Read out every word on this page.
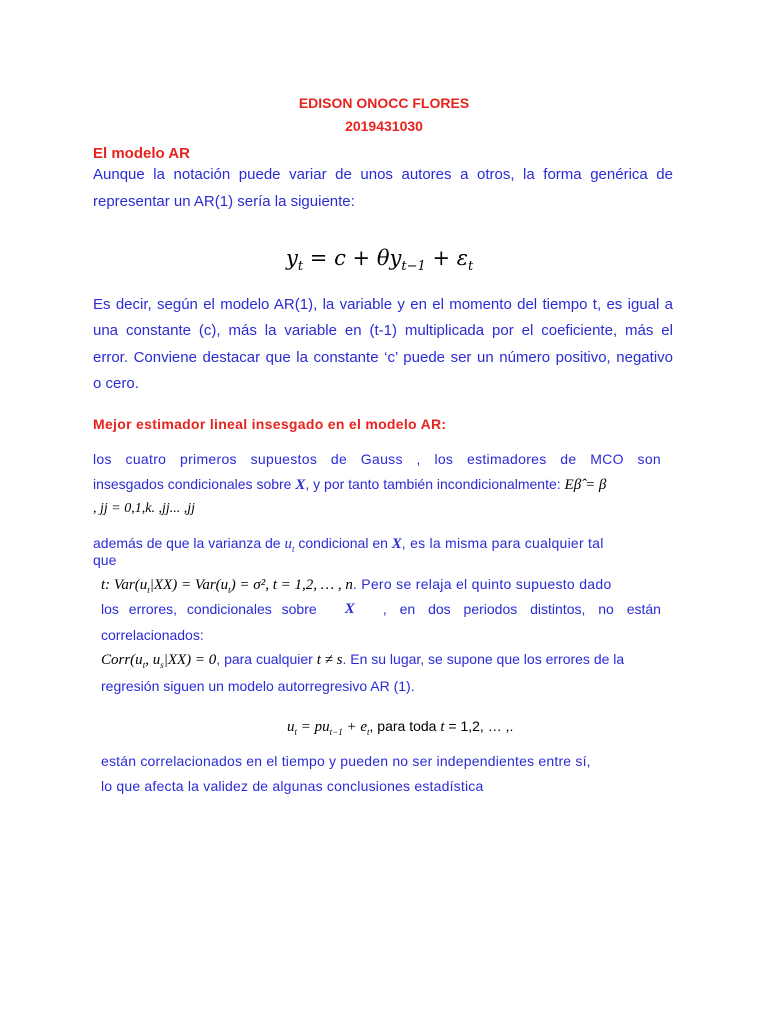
EDISON ONOCC FLORES
2019431030
El modelo AR
Aunque la notación puede variar de unos autores a otros, la forma genérica de
representar un AR(1) sería la siguiente:
$y_t = c + \theta y_{t-1} + \varepsilon_t$
Es decir, según el modelo AR(1), la variable y en el momento del tiempo t, es igual a
una constante (c), más la variable en (t-1) multiplicada por el coeficiente, más el
error. Conviene destacar que la constante ‘c’ puede ser un número positivo, negativo
o cero.
Mejor estimador lineal insesgado en el modelo AR:
los cuatro primeros supuestos de Gauss , los estimadores de MCO son
insesgados condicionales sobre X, y por tanto también incondicionalmente: Eβ̂ = β
, jj = 0,1,k. ,jj... ,jj
además de que la varianza de $u_t$ condicional en X, es la misma para cualquier tal
que
t: $Var(u_t|XX) = Var(u_t) = \sigma^2$, t = 1,2, … , n. Pero se relaja el quinto supuesto dado
los errores, condicionales sobre X , en dos periodos distintos, no están
correlacionados:
$Corr(u_t$, $u_s|XX) = 0$, para cualquier t ≠ s. En su lugar, se supone que los errores de la
regresión siguen un modelo autorregresivo AR (1).
$u_t = pu_{t-1} + e_t$, para toda t = 1,2, … ,.
están correlacionados en el tiempo y pueden no ser independientes entre sí,
lo que afecta la validez de algunas conclusiones estadística
